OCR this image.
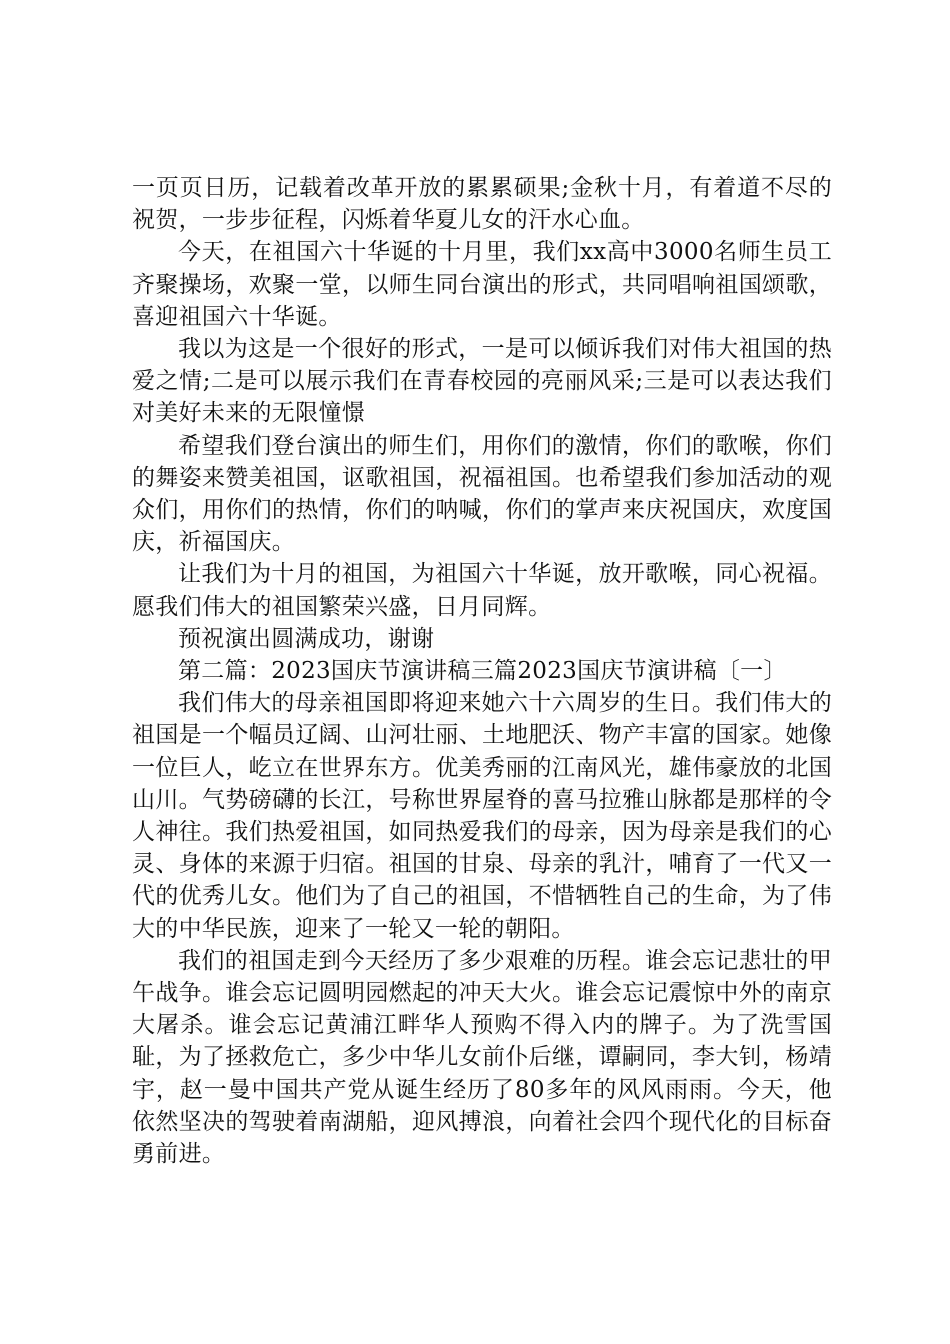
一页页日历，记载着改革开放的累累硕果;金秋十月，有着道不尽的祝贺，一步步征程，闪烁着华夏儿女的汗水心血。

今天，在祖国六十华诞的十月里，我们xx高中3000名师生员工齐聚操场，欢聚一堂，以师生同台演出的形式，共同唱响祖国颂歌，喜迎祖国六十华诞。

我以为这是一个很好的形式，一是可以倾诉我们对伟大祖国的热爱之情;二是可以展示我们在青春校园的亮丽风采;三是可以表达我们对美好未来的无限憧憬

希望我们登台演出的师生们，用你们的激情，你们的歌喉，你们的舞姿来赞美祖国，讴歌祖国，祝福祖国。也希望我们参加活动的观众们，用你们的热情，你们的呐喊，你们的掌声来庆祝国庆，欢度国庆，祈福国庆。

让我们为十月的祖国，为祖国六十华诞，放开歌喉，同心祝福。愿我们伟大的祖国繁荣兴盛，日月同辉。

预祝演出圆满成功，谢谢

第二篇：2023国庆节演讲稿三篇2023国庆节演讲稿〔一〕

我们伟大的母亲祖国即将迎来她六十六周岁的生日。我们伟大的祖国是一个幅员辽阔、山河壮丽、土地肥沃、物产丰富的国家。她像一位巨人，屹立在世界东方。优美秀丽的江南风光，雄伟豪放的北国山川。气势磅礴的长江，号称世界屋脊的喜马拉雅山脉都是那样的令人神往。我们热爱祖国，如同热爱我们的母亲，因为母亲是我们的心灵、身体的来源于归宿。祖国的甘泉、母亲的乳汁，哺育了一代又一代的优秀儿女。他们为了自己的祖国，不惜牺牲自己的生命，为了伟大的中华民族，迎来了一轮又一轮的朝阳。

我们的祖国走到今天经历了多少艰难的历程。谁会忘记悲壮的甲午战争。谁会忘记圆明园燃起的冲天大火。谁会忘记震惊中外的南京大屠杀。谁会忘记黄浦江畔华人预购不得入内的牌子。为了洗雪国耻，为了拯救危亡，多少中华儿女前仆后继，谭嗣同，李大钊，杨靖宇，赵一曼中国共产党从诞生经历了80多年的风风雨雨。今天，他依然坚决的驾驶着南湖船，迎风搏浪，向着社会四个现代化的目标奋勇前进。
